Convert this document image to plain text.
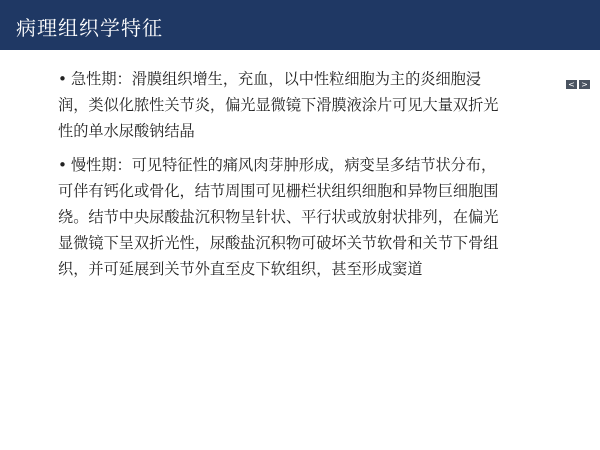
病理组织学特征
< >
• 急性期：滑膜组织增生，充血，以中性粒细胞为主的炎细胞浸润，类似化脓性关节炎，偏光显微镜下滑膜液涂片可见大量双折光性的单水尿酸钠结晶
• 慢性期：可见特征性的痛风肉芽肿形成，病变呈多结节状分布，可伴有钙化或骨化，结节周围可见栅栏状组织细胞和异物巨细胞围绕。结节中央尿酸盐沉积物呈针状、平行状或放射状排列，在偏光显微镜下呈双折光性，尿酸盐沉积物可破坏关节软骨和关节下骨组织，并可延展到关节外直至皮下软组织，甚至形成窦道
